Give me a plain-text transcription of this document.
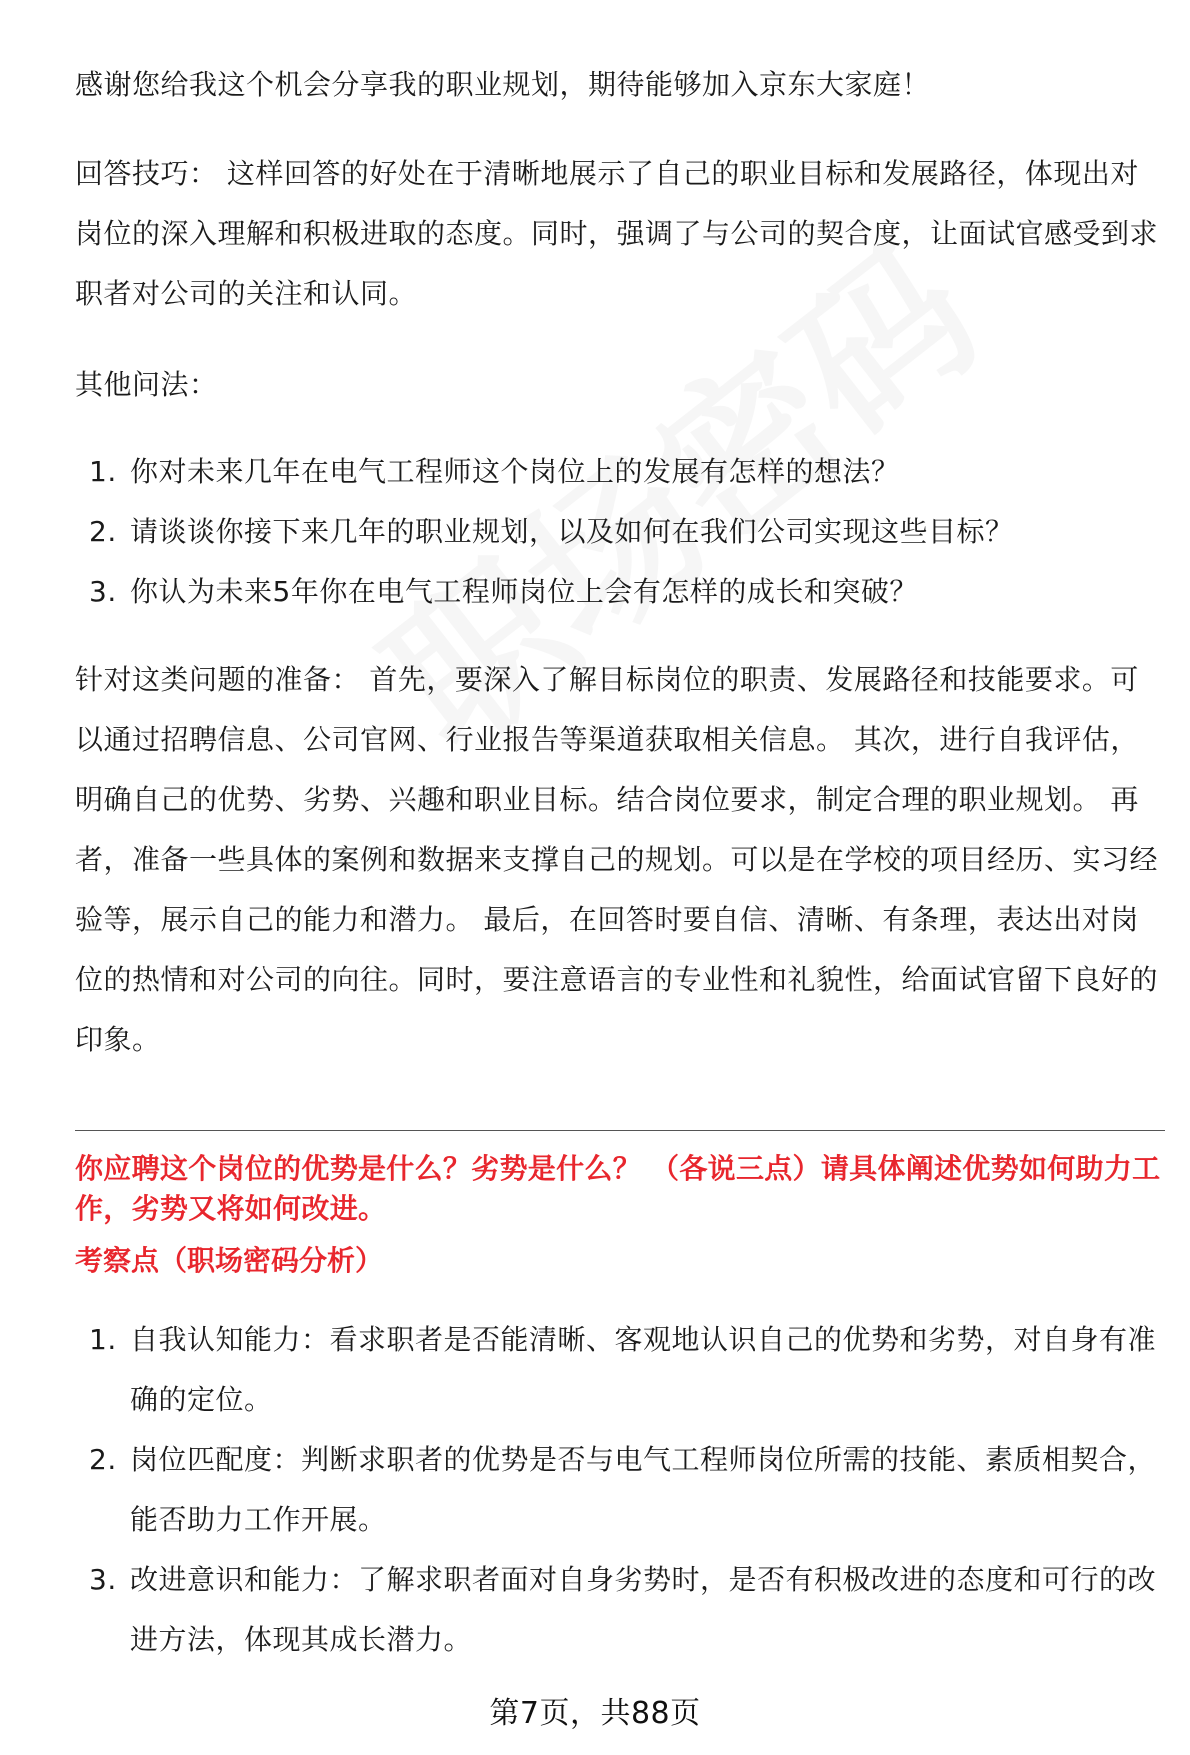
感谢您给我这个机会分享我的职业规划，期待能够加入京东大家庭！

回答技巧： 这样回答的好处在于清晰地展示了自己的职业目标和发展路径，体现出对岗位的深入理解和积极进取的态度。同时，强调了与公司的契合度，让面试官感受到求职者对公司的关注和认同。

其他问法：

1. 你对未来几年在电气工程师这个岗位上的发展有怎样的想法？
2. 请谈谈你接下来几年的职业规划，以及如何在我们公司实现这些目标？
3. 你认为未来5年你在电气工程师岗位上会有怎样的成长和突破？

针对这类问题的准备： 首先，要深入了解目标岗位的职责、发展路径和技能要求。可以通过招聘信息、公司官网、行业报告等渠道获取相关信息。 其次，进行自我评估，明确自己的优势、劣势、兴趣和职业目标。结合岗位要求，制定合理的职业规划。 再者，准备一些具体的案例和数据来支撑自己的规划。可以是在学校的项目经历、实习经验等，展示自己的能力和潜力。 最后，在回答时要自信、清晰、有条理，表达出对岗位的热情和对公司的向往。同时，要注意语言的专业性和礼貌性，给面试官留下良好的印象。

你应聘这个岗位的优势是什么？劣势是什么？ （各说三点）请具体阐述优势如何助力工作，劣势又将如何改进。
考察点（职场密码分析）
1. 自我认知能力：看求职者是否能清晰、客观地认识自己的优势和劣势，对自身有准确的定位。
2. 岗位匹配度：判断求职者的优势是否与电气工程师岗位所需的技能、素质相契合，能否助力工作开展。
3. 改进意识和能力：了解求职者面对自身劣势时，是否有积极改进的态度和可行的改进方法，体现其成长潜力。
第7页，共88页
